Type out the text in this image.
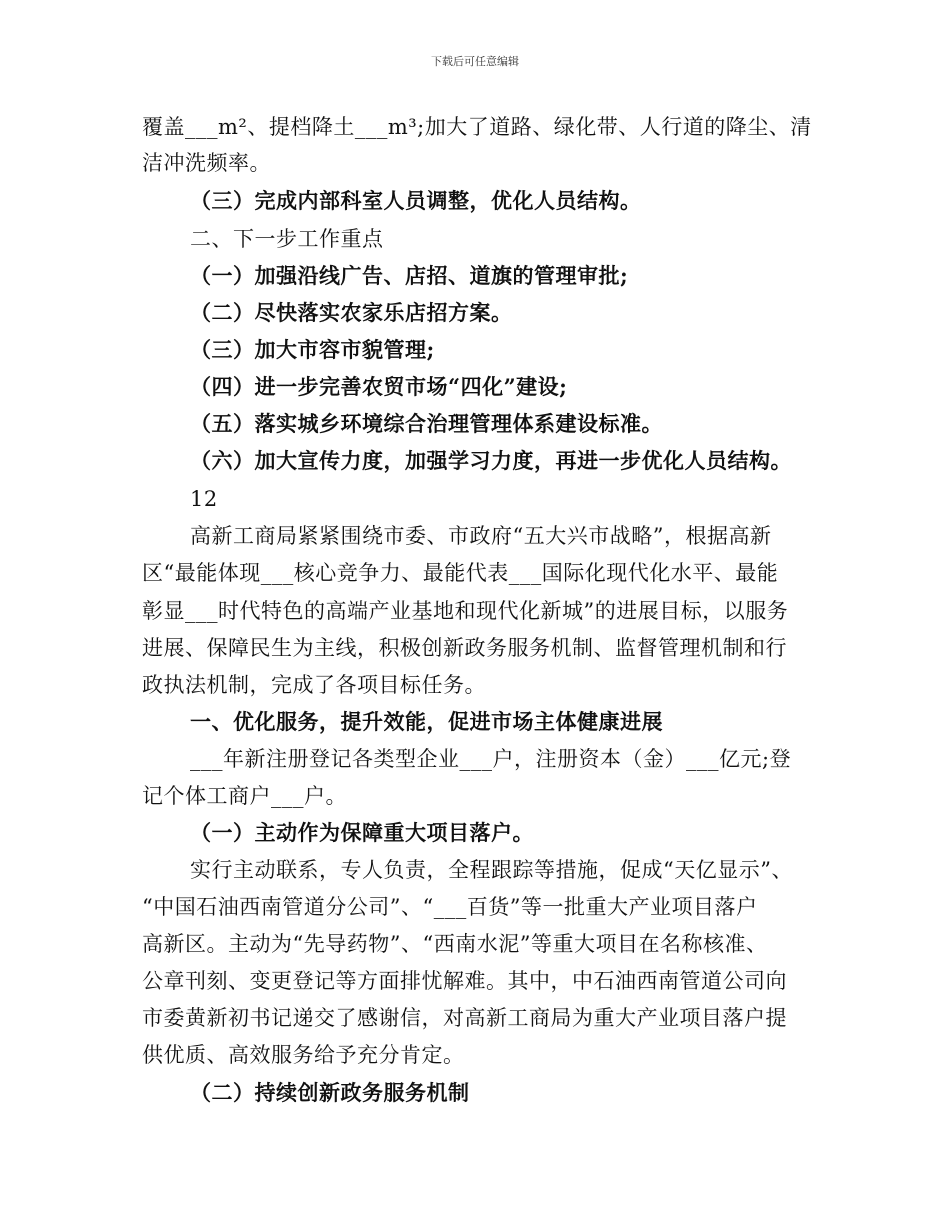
下载后可任意编辑
覆盖___m²、提档降土___m³;加大了道路、绿化带、人行道的降尘、清
洁冲洗频率。
（三）完成内部科室人员调整，优化人员结构。
二、下一步工作重点
（一）加强沿线广告、店招、道旗的管理审批;
（二）尽快落实农家乐店招方案。
（三）加大市容市貌管理;
（四）进一步完善农贸市场“四化”建设;
（五）落实城乡环境综合治理管理体系建设标准。
（六）加大宣传力度，加强学习力度，再进一步优化人员结构。
12
高新工商局紧紧围绕市委、市政府“五大兴市战略”，根据高新
区“最能体现___核心竞争力、最能代表___国际化现代化水平、最能
彰显___时代特色的高端产业基地和现代化新城”的进展目标，以服务
进展、保障民生为主线，积极创新政务服务机制、监督管理机制和行
政执法机制，完成了各项目标任务。
一、优化服务，提升效能，促进市场主体健康进展
___年新注册登记各类型企业___户，注册资本（金）___亿元;登
记个体工商户___户。
（一）主动作为保障重大项目落户。
实行主动联系，专人负责，全程跟踪等措施，促成“天亿显示”、
“中国石油西南管道分公司”、“___百货”等一批重大产业项目落户
高新区。主动为“先导药物”、“西南水泥”等重大项目在名称核准、
公章刊刻、变更登记等方面排忧解难。其中，中石油西南管道公司向
市委黄新初书记递交了感谢信，对高新工商局为重大产业项目落户提
供优质、高效服务给予充分肯定。
（二）持续创新政务服务机制
